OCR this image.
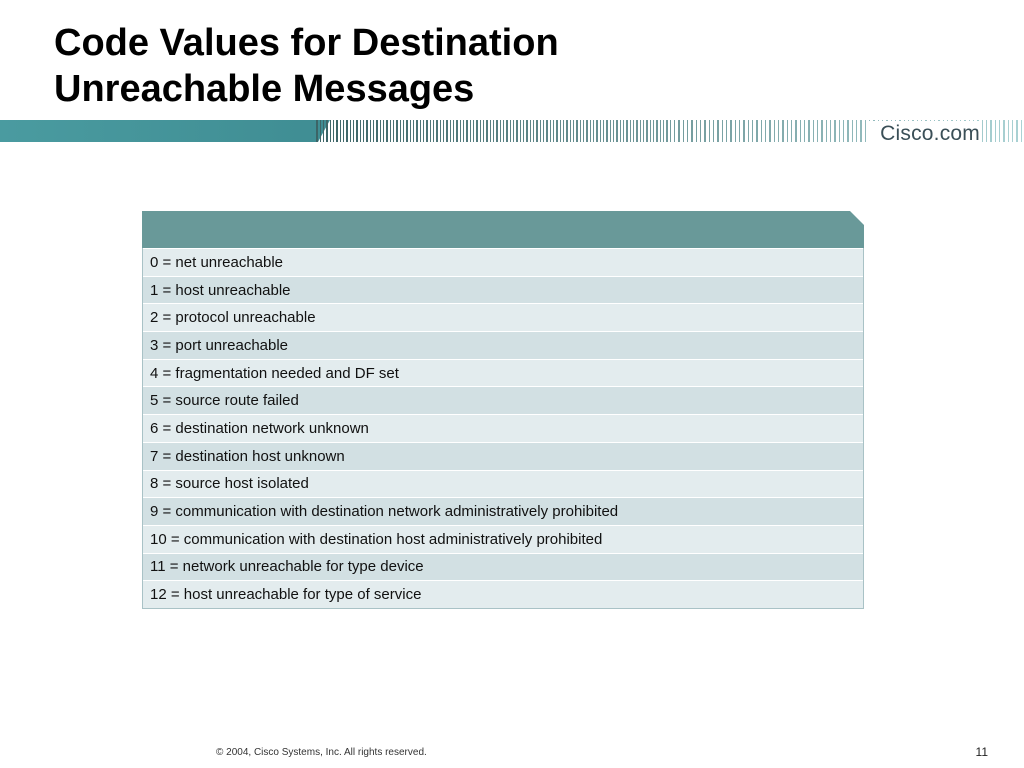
Code Values for Destination
Unreachable Messages
Cisco.com
0 = net unreachable
1 = host unreachable
2 = protocol unreachable
3 = port unreachable
4 = fragmentation needed and DF set
5 = source route failed
6 = destination network unknown
7 = destination host unknown
8 = source host isolated
9 = communication with destination network administratively prohibited
10 = communication with destination host administratively prohibited
11 = network unreachable for type device
12 = host unreachable for type of service
© 2004, Cisco Systems, Inc. All rights reserved.	11
